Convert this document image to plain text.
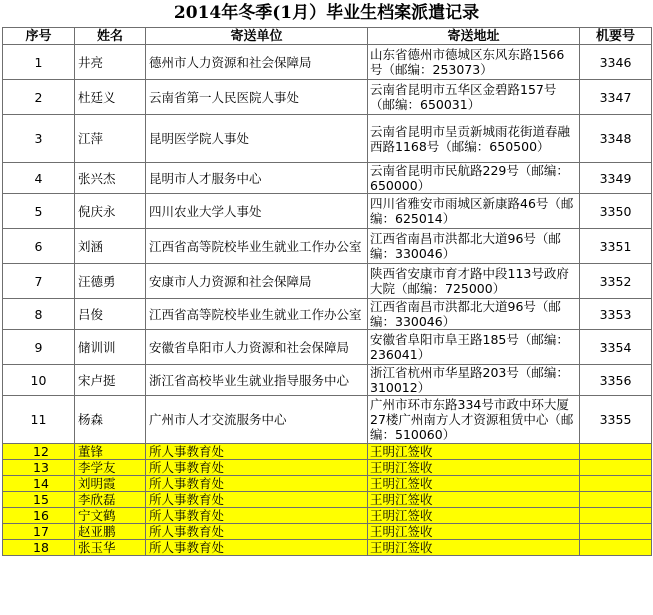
2014年冬季(1月）毕业生档案派遣记录
序号	姓名	寄送单位	寄送地址	机要号
1	井亮	德州市人力资源和社会保障局	山东省德州市德城区东风东路1566号（邮编：253073）	3346
2	杜廷义	云南省第一人民医院人事处	云南省昆明市五华区金碧路157号（邮编：650031）	3347
3	江萍	昆明医学院人事处	云南省昆明市呈贡新城雨花街道春融西路1168号（邮编：650500）	3348
4	张兴杰	昆明市人才服务中心	云南省昆明市民航路229号（邮编：650000）	3349
5	倪庆永	四川农业大学人事处	四川省雅安市雨城区新康路46号（邮编：625014）	3350
6	刘涵	江西省高等院校毕业生就业工作办公室	江西省南昌市洪都北大道96号（邮编：330046）	3351
7	汪德勇	安康市人力资源和社会保障局	陕西省安康市育才路中段113号政府大院（邮编：725000）	3352
8	吕俊	江西省高等院校毕业生就业工作办公室	江西省南昌市洪都北大道96号（邮编：330046）	3353
9	储训训	安徽省阜阳市人力资源和社会保障局	安徽省阜阳市阜王路185号（邮编：236041）	3354
10	宋卢挺	浙江省高校毕业生就业指导服务中心	浙江省杭州市华星路203号（邮编：310012）	3356
11	杨森	广州市人才交流服务中心	广州市环市东路334号市政中环大厦27楼广州南方人才资源租赁中心（邮编：510060）	3355
12	董锋	所人事教育处	王明江签收	
13	李学友	所人事教育处	王明江签收	
14	刘明霞	所人事教育处	王明江签收	
15	李欣磊	所人事教育处	王明江签收	
16	宁文鹤	所人事教育处	王明江签收	
17	赵亚鹏	所人事教育处	王明江签收	
18	张玉华	所人事教育处	王明江签收	
